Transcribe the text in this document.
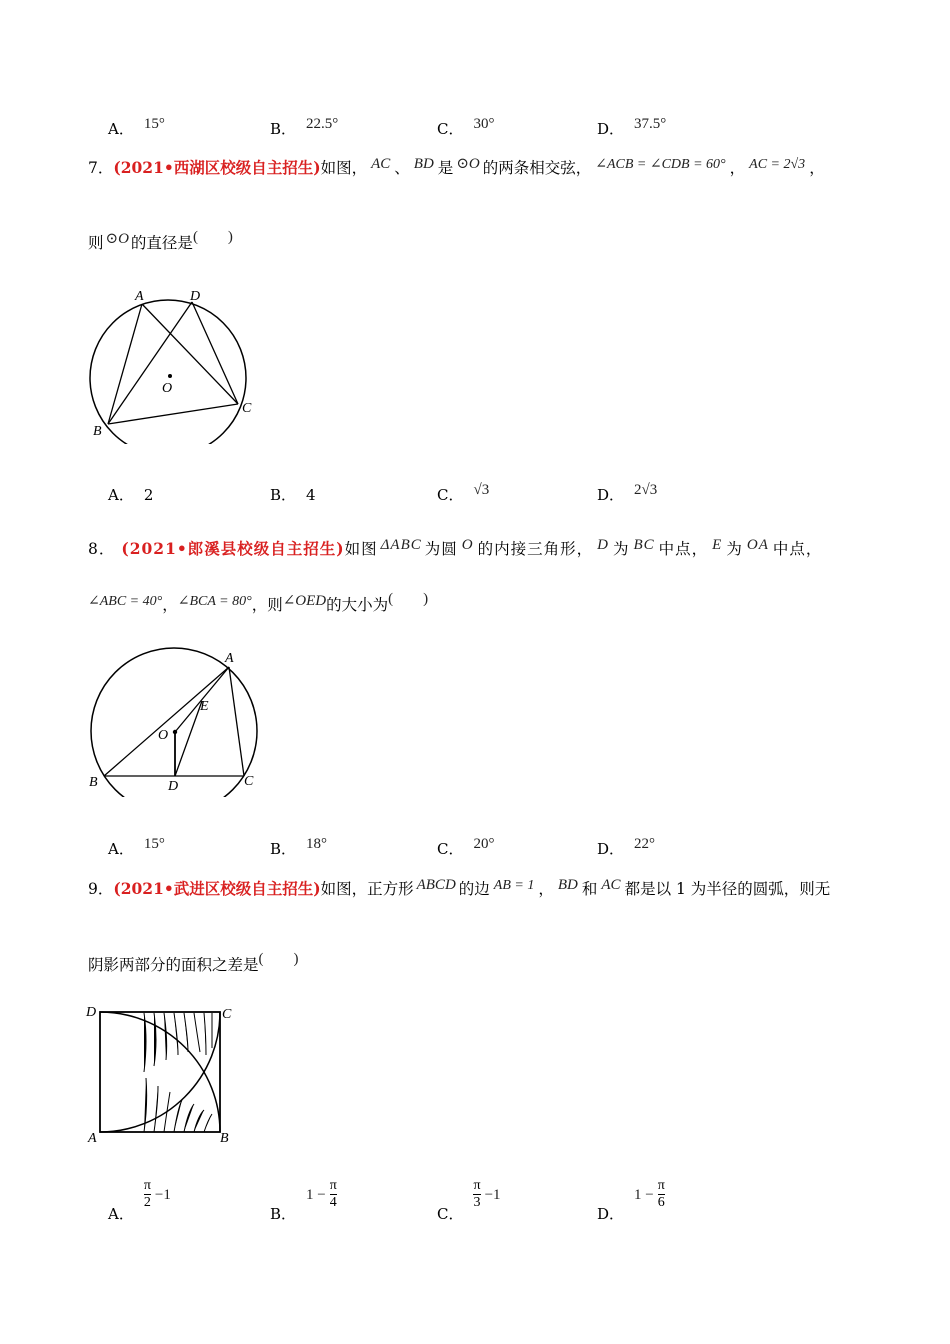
A． 15°	B． 22.5°	C． 30°	D． 37.5°
7．(2021•西湖区校级自主招生)如图， AC 、 BD 是 ⊙O 的两条相交弦， ∠ACB = ∠CDB = 60° ， AC = 2√3 ，
则 ⊙O 的直径是(　　)
A	D
O
C
B
A． 2	B． 4	C． √3	D． 2√3
8． (2021•郎溪县校级自主招生)如图 ΔABC 为圆 O 的内接三角形， D 为 BC 中点， E 为 OA 中点，
∠ABC = 40°，∠BCA = 80°，则∠OED的大小为(　　)
A
E
O
B	D	C
A． 15°	B． 18°	C． 20°	D． 22°
9．(2021•武进区校级自主招生)如图，正方形 ABCD 的边 AB = 1 ， BD 和 AC 都是以 1 为半径的圆弧，则无
阴影两部分的面积之差是(　　)
D	C
A	B
A．
$\frac{\pi}{2} -1$
B．$1 - \frac{\pi}{4}$
C．
$\frac{\pi}{3} -1$
D．$1 - \frac{\pi}{6}$
